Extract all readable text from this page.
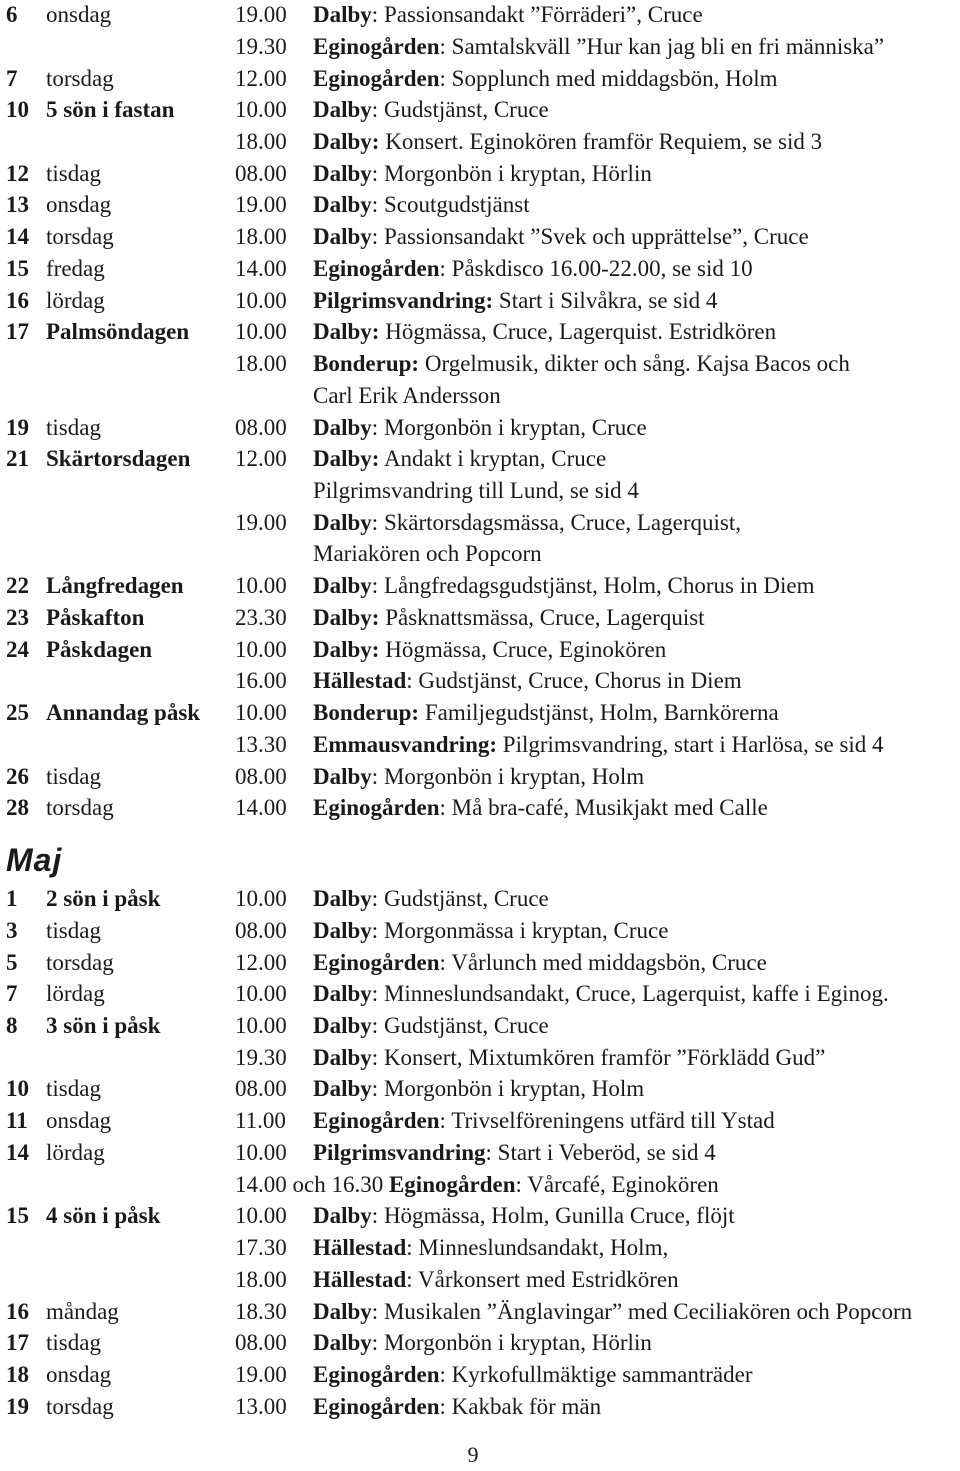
6 onsdag	19.00 Dalby: Passionsandakt ”Förräderi”, Cruce
19.30 Eginogården: Samtalskväll ”Hur kan jag bli en fri människa”
7 torsdag	12.00 Eginogården: Sopplunch med middagsbön, Holm
10 5 sön i fastan	10.00 Dalby: Gudstjänst, Cruce
18.00 Dalby: Konsert. Eginokören framför Requiem, se sid 3
12 tisdag	08.00 Dalby: Morgonbön i kryptan, Hörlin
13 onsdag	19.00 Dalby: Scoutgudstjänst
14 torsdag	18.00 Dalby: Passionsandakt ”Svek och upprättelse”, Cruce
15 fredag	14.00 Eginogården: Påskdisco 16.00-22.00, se sid 10
16 lördag	10.00 Pilgrimsvandring: Start i Silvåkra, se sid 4
17 Palmsöndagen 10.00 Dalby: Högmässa, Cruce, Lagerquist. Estridkören
18.00 Bonderup: Orgelmusik, dikter och sång. Kajsa Bacos och
Carl Erik Andersson
19 tisdag	08.00 Dalby: Morgonbön i kryptan, Cruce
21 Skärtorsdagen 12.00 Dalby: Andakt i kryptan, Cruce
Pilgrimsvandring till Lund, se sid 4
19.00 Dalby: Skärtorsdagsmässa, Cruce, Lagerquist,
Mariakören och Popcorn
22 Långfredagen 10.00 Dalby: Långfredagsgudstjänst, Holm, Chorus in Diem
23 Påskafton	23.30 Dalby: Påsknattsmässa, Cruce, Lagerquist
24 Påskdagen	10.00 Dalby: Högmässa, Cruce, Eginokören
16.00 Hällestad: Gudstjänst, Cruce, Chorus in Diem
25 Annandag påsk 10.00 Bonderup: Familjegudstjänst, Holm, Barnkörerna
13.30 Emmausvandring: Pilgrimsvandring, start i Harlösa, se sid 4
26 tisdag	08.00 Dalby: Morgonbön i kryptan, Holm
28 torsdag	14.00 Eginogården: Må bra-café, Musikjakt med Calle
Maj
1 2 sön i påsk	10.00 Dalby: Gudstjänst, Cruce
3 tisdag	08.00 Dalby: Morgonmässa i kryptan, Cruce
5 torsdag	12.00 Eginogården: Vårlunch med middagsbön, Cruce
7 lördag	10.00 Dalby: Minneslundsandakt, Cruce, Lagerquist, kaffe i Eginog.
8 3 sön i påsk	10.00 Dalby: Gudstjänst, Cruce
19.30 Dalby: Konsert, Mixtumkören framför ”Förklädd Gud”
10 tisdag	08.00 Dalby: Morgonbön i kryptan, Holm
11 onsdag	11.00 Eginogården: Trivselföreningens utfärd till Ystad
14 lördag	10.00 Pilgrimsvandring: Start i Veberöd, se sid 4
14.00 och 16.30 Eginogården: Vårcafé, Eginokören
15 4 sön i påsk	10.00 Dalby: Högmässa, Holm, Gunilla Cruce, flöjt
17.30 Hällestad: Minneslundsandakt, Holm,
18.00 Hällestad: Vårkonsert med Estridkören
16 måndag	18.30 Dalby: Musikalen ”Änglavingar” med Ceciliakören och Popcorn
17 tisdag	08.00 Dalby: Morgonbön i kryptan, Hörlin
18 onsdag	19.00 Eginogården: Kyrkofullmäktige sammanträder
19 torsdag	13.00 Eginogården: Kakbak för män
9
